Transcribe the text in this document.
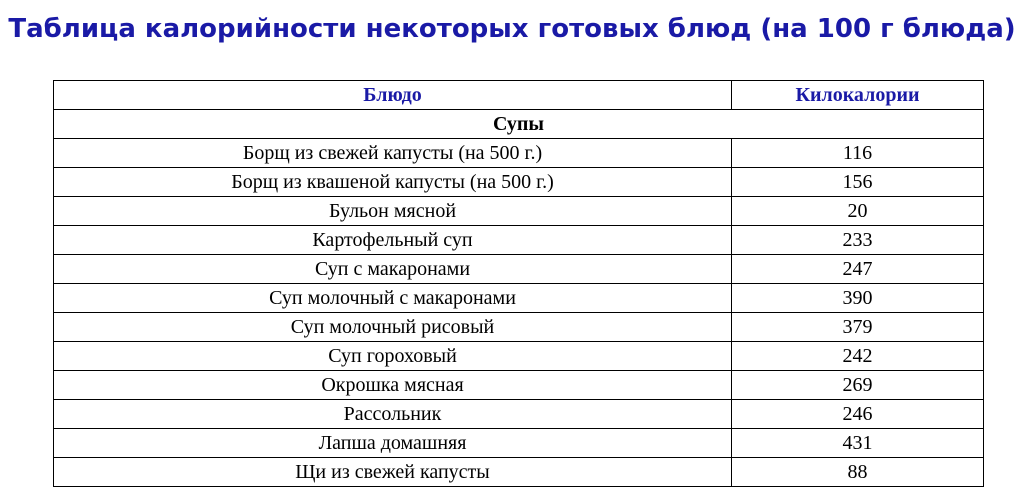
Таблица калорийности некоторых готовых блюд (на 100 г блюда)
Блюдо	Килокалории
Супы	
Борщ из свежей капусты (на 500 г.)	116
Борщ из квашеной капусты (на 500 г.)	156
Бульон мясной	20
Картофельный суп	233
Суп с макаронами	247
Суп молочный с макаронами	390
Суп молочный рисовый	379
Суп гороховый	242
Окрошка мясная	269
Рассольник	246
Лапша домашняя	431
Щи из свежей капусты	88
